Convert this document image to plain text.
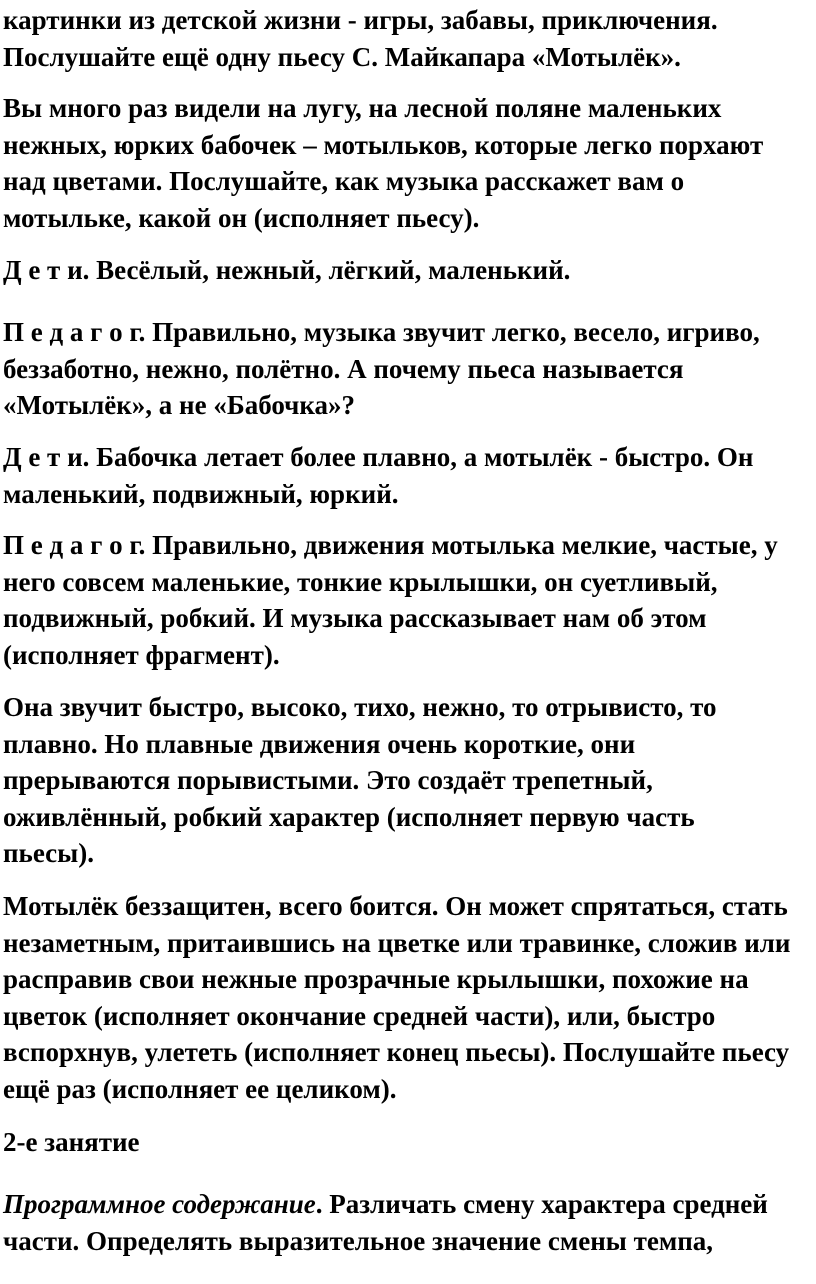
картинки из детской жизни - игры, забавы, приключения.
Послушайте ещё одну пьесу С. Майкапара «Мотылёк».

Вы много раз видели на лугу, на лесной поляне маленьких
нежных, юрких бабочек – мотыльков, которые легко порхают
над цветами. Послушайте, как музыка расскажет вам о
мотыльке, какой он (исполняет пьесу).

Д е т и. Весёлый, нежный, лёгкий, маленький.

П е д а г о г. Правильно, музыка звучит легко, весело, игриво,
беззаботно, нежно, полётно. А почему пьеса называется
«Мотылёк», а не «Бабочка»?

Д е т и. Бабочка летает более плавно, а мотылёк - быстро. Он
маленький, подвижный, юркий.

П е д а г о г. Правильно, движения мотылька мелкие, частые, у
него совсем маленькие, тонкие крылышки, он суетливый,
подвижный, робкий. И музыка рассказывает нам об этом
(исполняет фрагмент).

Она звучит быстро, высоко, тихо, нежно, то отрывисто, то
плавно. Но плавные движения очень короткие, они
прерываются порывистыми. Это создаёт трепетный,
оживлённый, робкий характер (исполняет первую часть
пьесы).

Мотылёк беззащитен, всего боится. Он может спрятаться, стать
незаметным, притаившись на цветке или травинке, сложив или
расправив свои нежные прозрачные крылышки, похожие на
цветок (исполняет окончание средней части), или, быстро
вспорхнув, улететь (исполняет конец пьесы). Послушайте пьесу
ещё раз (исполняет ее целиком).

2-е занятие

Программное содержание. Различать смену характера средней
части. Определять выразительное значение смены темпа,
